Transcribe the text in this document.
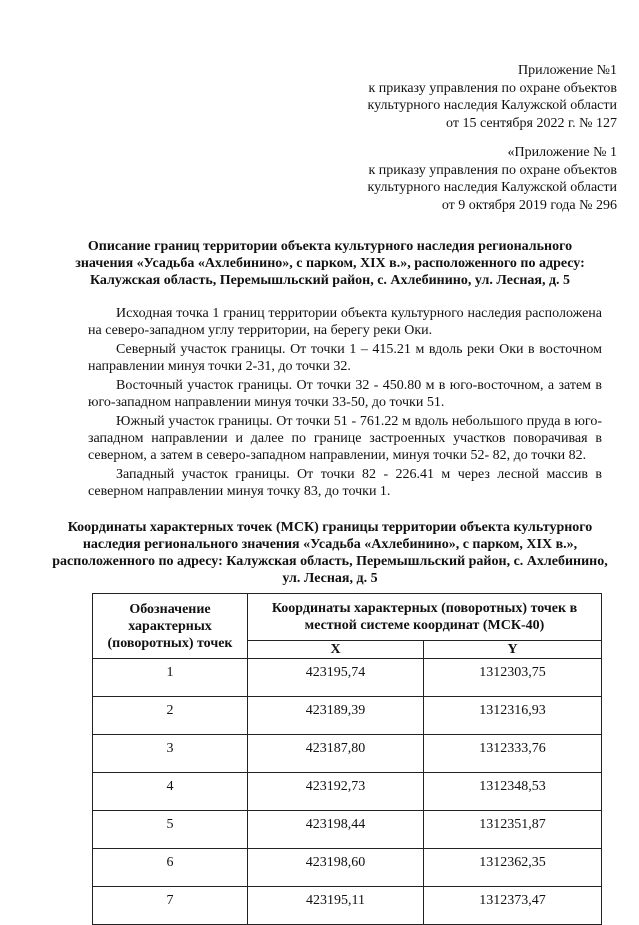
Приложение №1
к приказу управления по охране объектов
культурного наследия Калужской области
от 15 сентября 2022 г. № 127
«Приложение № 1
к приказу управления по охране объектов
культурного наследия Калужской области
от 9 октября 2019 года № 296
Описание границ территории объекта культурного наследия регионального значения «Усадьба «Ахлебинино», с парком, XIX в.», расположенного по адресу: Калужская область, Перемышльский район, с. Ахлебинино, ул. Лесная, д. 5

Исходная точка 1 границ территории объекта культурного наследия расположена на северо-западном углу территории, на берегу реки Оки.

Северный участок границы. От точки 1 – 415.21 м вдоль реки Оки в восточном направлении минуя точки 2-31, до точки 32.

Восточный участок границы. От точки 32 - 450.80 м в юго-восточном, а затем в юго-западном направлении минуя точки 33-50, до точки 51.

Южный участок границы. От точки 51 - 761.22 м вдоль небольшого пруда в юго-западном направлении и далее по границе застроенных участков поворачивая в северном, а затем в северо-западном направлении, минуя точки 52- 82, до точки 82.

Западный участок границы. От точки 82 - 226.41 м через лесной массив в северном направлении минуя точку 83, до точки 1.

Координаты характерных точек (МСК) границы территории объекта культурного наследия регионального значения «Усадьба «Ахлебинино», с парком, XIX в.», расположенного по адресу: Калужская область, Перемышльский район, с. Ахлебинино, ул. Лесная, д. 5
Обозначение характерных (поворотных) точек	Координаты характерных (поворотных) точек в местной системе координат (МСК-40)	
	X	Y
1	423195,74	1312303,75
2	423189,39	1312316,93
3	423187,80	1312333,76
4	423192,73	1312348,53
5	423198,44	1312351,87
6	423198,60	1312362,35
7	423195,11	1312373,47
